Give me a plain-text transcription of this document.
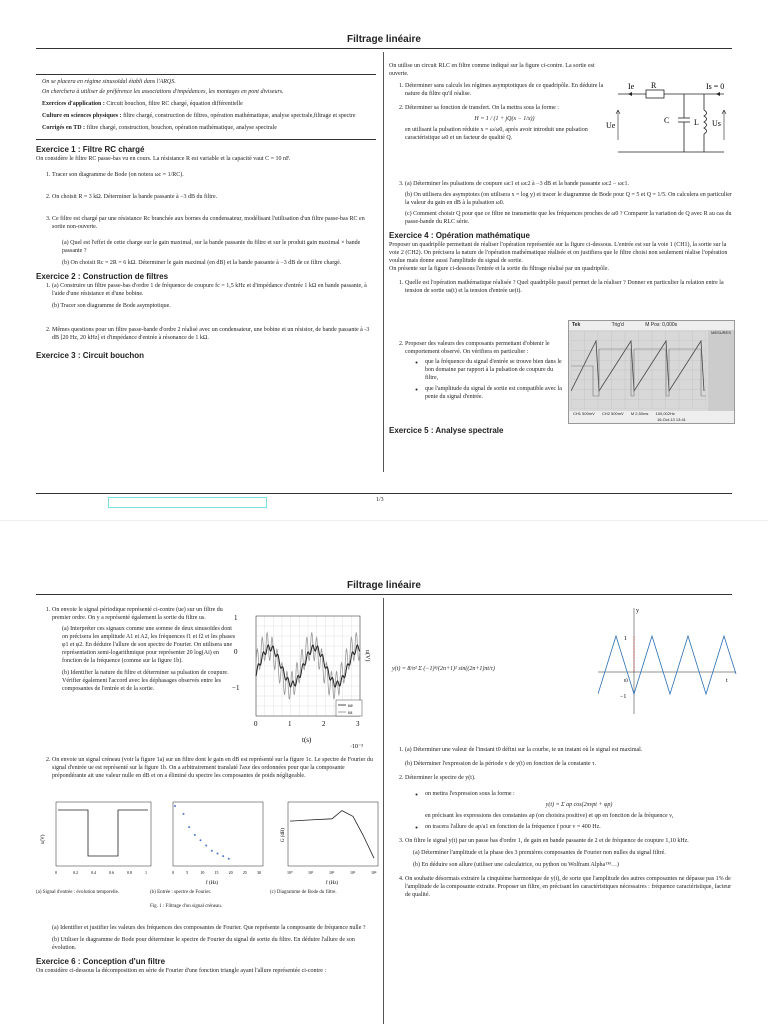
Filtrage linéaire
On se placera en régime sinusoïdal établi dans l'ARQS.
On cherchera à utiliser de préférence les associations d'impédances, les montages en pont diviseurs.

Exercices d'application : Circuit bouchon, filtre RC chargé, équation différentielle

Culture en sciences physiques : filtre chargé, construction de filtres, opération mathématique, analyse spectrale,filtrage et spectre

Corrigés en TD : filtre chargé, construction, bouchon, opération mathématique, analyse spectrale

Exercice 1 : Filtre RC chargé
On considère le filtre RC passe-bas vu en cours. La résistance R est variable et la capacité vaut C = 10 nF.
1. Tracer son diagramme de Bode (on notera ωc = 1/RC).
2. On choisit R = 3 kΩ. Déterminer la bande passante à −3 dB du filtre.
3. Ce filtre est chargé par une résistance Rc branchée aux bornes du condensateur, modélisant l'utilisation d'un filtre passe-bas RC en sortie non-ouverte.
(a) Quel est l'effet de cette charge sur le gain maximal, sur la bande passante du filtre et sur le produit gain maximal × bande passante ?
(b) On choisit Rc = 2R = 6 kΩ. Déterminer le gain maximal (en dB) et la bande passante à −3 dB de ce filtre chargé.
Exercice 2 : Construction de filtres
1. (a) Construire un filtre passe-bas d'ordre 1 de fréquence de coupure fc = 1,5 kHz et d'impédance d'entrée 1 kΩ en bande passante, à l'aide d'une résistance et d'une bobine.
(b) Tracer son diagramme de Bode asymptotique.
2. Mêmes questions pour un filtre passe-bande d'ordre 2 réalisé avec un condensateur, une bobine et un résistor, de bande passante à -3 dB [20 Hz, 20 kHz] et d'impédance d'entrée à résonance de 1 kΩ.
Exercice 3 : Circuit bouchon
On utilise un circuit RLC en filtre comme indiqué sur la figure ci-contre. La sortie est ouverte.
1. Déterminer sans calculs les régimes asymptotiques de ce quadripôle. En déduire la nature du filtre qu'il réalise.
2. Déterminer sa fonction de transfert. On la mettra sous la forme :
H = 1 / (1 + jQ(x − 1/x))
en utilisant la pulsation réduite x = ω/ω0, après avoir introduit une pulsation caractéristique ω0 et un facteur de qualité Q.
3. (a) Déterminer les pulsations de coupure ωc1 et ωc2 à −3 dB et la bande passante ωc2 − ωc1.
(b) On utilisera des asymptotes (on utilisera x = log y) et tracer le diagramme de Bode pour Q = 5 et Q = 1/5. On calculera en particulier la valeur du gain en dB à la pulsation ω0.
(c) Comment choisir Q pour que ce filtre ne transmette que les fréquences proches de ω0 ? Comparer la variation de Q avec R au cas du passe-bande du RLC série.
Exercice 4 : Opération mathématique
Proposer un quadripôle permettant de réaliser l'opération représentée sur la figure ci-dessous. L'entrée est sur la voie 1 (CH1), la sortie sur la voie 2 (CH2). On précisera la nature de l'opération mathématique réalisée et on justifiera que le filtre choisi non seulement réalise l'opération voulue mais donne aussi l'amplitude du signal de sortie.
On présente sur la figure ci-dessous l'entrée et la sortie du filtrage réalisé par un quadripôle.
1. Quelle est l'opération mathématique réalisée ? Quel quadripôle passif permet de la réaliser ? Donner en particulier la relation entre la tension de sortie us(t) et la tension d'entrée ue(t).
2. Proposer des valeurs des composants permettant d'obtenir le comportement observé. On vérifiera en particulier :
◦ que la fréquence du signal d'entrée se trouve bien dans le bon domaine par rapport à la pulsation de coupure du filtre,
◦ que l'amplitude du signal de sortie est compatible avec la pente du signal d'entrée.
Exercice 5 : Analyse spectrale
Ie R	Is = 0
C	L
Ue	Us
Tek	Trig'd	M Pos: 0,000s
MESURES
CH1 500mV CH2 500mV M 2,50ms 100,002Hz
16-Oct-13 13:41
1/3
Filtrage linéaire
1. On envoie le signal périodique représenté ci-contre (ue) sur un filtre du premier ordre. On y a représenté également la sortie du filtre us.
(a) Interpréter ces signaux comme une somme de deux sinusoïdes dont on précisera les amplitude A1 et A2, les fréquences f1 et f2 et les phases φ1 et φ2. En déduire l'allure de son spectre de Fourier. On utilisera une représentation semi-logarithmique pour représenter 20 log(Ai) en fonction de la fréquence (comme sur la figure 1b).
(b) Identifier la nature du filtre et déterminer sa pulsation de coupure. Vérifier également l'accord avec les déphasages observés entre les composantes de l'entrée et de la sortie.
1
0
−1
u(V)
0	1	2	3
t(s)
·10⁻³
ue
us
2. On envoie un signal créneau (voir la figure 1a) sur un filtre dont le gain en dB est représenté sur la figure 1c. Le spectre de Fourier du signal d'entrée ue est représenté sur la figure 1b. On a arbitrairement translaté l'axe des ordonnées pour que la composante prépondérante ait une valeur nulle en dB et on a éliminé du spectre les composantes de poids négligeable.
u(V)
0	0.2	0.4	0.6	0.8	1	0	5	10	15	20	25	30
f (Hz)
10⁰	10¹	10²	10³	10⁴
G (dB)
f (Hz)
(a) Signal d'entrée : évolution temporelle.	(b) Entrée : spectre de Fourier.	(c) Diagramme de Bode du filtre.
Fig. 1 : Filtrage d'un signal créneau.
(a) Identifier et justifier les valeurs des fréquences des composantes de Fourier. Que représente la composante de fréquence nulle ?
(b) Utiliser le diagramme de Bode pour déterminer le spectre de Fourier du signal de sortie du filtre. En déduire l'allure de son évolution.
Exercice 6 : Conception d'un filtre
On considère ci-dessous la décomposition en série de Fourier d'une fonction triangle ayant l'allure représentée ci-contre :
y(t) = 8/π² Σ (−1)ⁿ/(2n+1)² sin((2n+1)πt/τ)
y
t
t0
1
−1
1. (a) Déterminer une valeur de l'instant t0 défini sur la courbe, ie un instant où le signal est maximal.
(b) Déterminer l'expression de la période ν de y(t) en fonction de la constante τ.
2. Déterminer le spectre de y(t).
◦ on mettra l'expression sous la forme :
y(t) = Σ ap cos(2πνpt + φp)
en précisant les expressions des constantes ap (on choisira positive) et φp en fonction de la fréquence ν,
◦ on tracera l'allure de ap/a1 en fonction de la fréquence f pour ν = 400 Hz.
3. On filtre le signal y(t) par un passe bas d'ordre 1, de gain en bande passante de 2 et de fréquence de coupure 1,10 kHz.
(a) Déterminer l'amplitude et la phase des 3 premières composantes de Fourier non nulles du signal filtré.
(b) En déduire son allure (utiliser une calculatrice, ou python ou Wolfram Alpha™…)
4. On souhaite désormais extraire la cinquième harmonique de y(t), de sorte que l'amplitude des autres composantes ne dépasse pas 1% de l'amplitude de la composante extraite. Proposer un filtre, en précisant les caractéristiques nécessaires : fréquence caractéristique, facteur de qualité.
